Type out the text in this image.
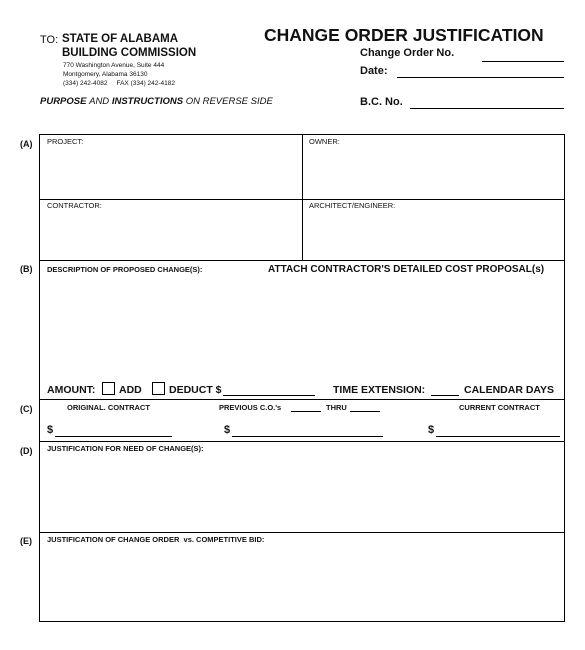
TO: STATE OF ALABAMA
BUILDING COMMISSION
770 Washington Avenue, Suite 444
Montgomery, Alabama 36130
(334) 242-4082     FAX (334) 242-4182
PURPOSE AND INSTRUCTIONS ON REVERSE SIDE
CHANGE ORDER JUSTIFICATION
Change Order No.
Date:
B.C. No.
(A)
(B)
(C)
(D)
(E)
PROJECT:	OWNER:
CONTRACTOR:	ARCHITECT/ENGINEER:
DESCRIPTION OF PROPOSED CHANGE(S):	ATTACH CONTRACTOR'S DETAILED COST PROPOSAL(s)
AMOUNT: ADD	DEDUCT $	TIME EXTENSION:	CALENDAR DAYS
ORIGINAL. CONTRACT	PREVIOUS C.O.'s	THRU	CURRENT CONTRACT
$	$	$
JUSTIFICATION FOR NEED OF CHANGE(S):
JUSTIFICATION OF CHANGE ORDER  vs. COMPETITIVE BID:
